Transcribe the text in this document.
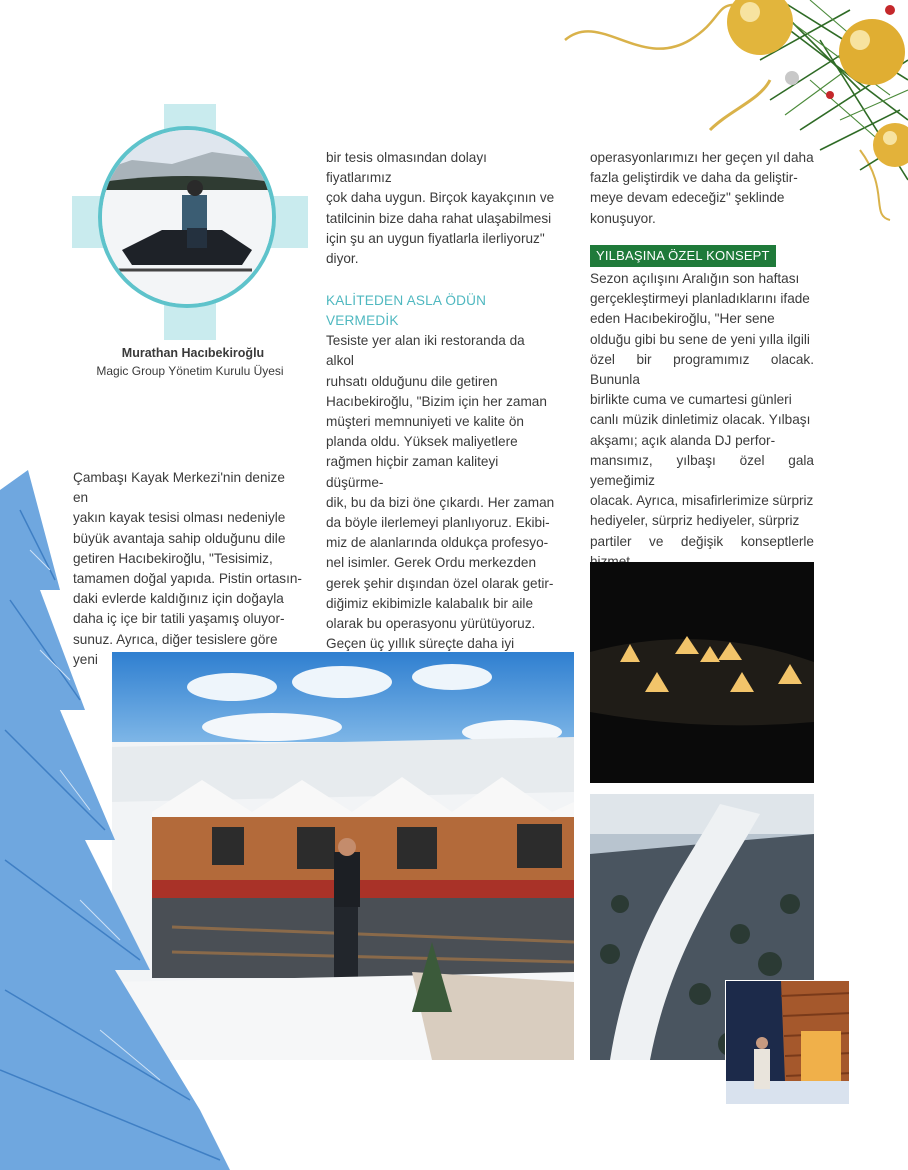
Murathan Hacıbekiroğlu
Magic Group Yönetim Kurulu Üyesi

Çambaşı Kayak Merkezi'nin denize en

yakın kayak tesisi olması nedeniyle

büyük avantaja sahip olduğunu dile

getiren Hacıbekiroğlu, "Tesisimiz,

tamamen doğal yapıda. Pistin ortasın-

daki evlerde kaldığınız için doğayla

daha iç içe bir tatili yaşamış oluyor-

sunuz. Ayrıca, diğer tesislere göre yeni

bir tesis olmasından dolayı fiyatlarımız

çok daha uygun. Birçok kayakçının ve

tatilcinin bize daha rahat ulaşabilmesi

için şu an uygun fiyatlarla ilerliyoruz"

diyor.

KALİTEDEN ASLA ÖDÜN VERMEDİK

Tesiste yer alan iki restoranda da alkol

ruhsatı olduğunu dile getiren

Hacıbekiroğlu, "Bizim için her zaman

müşteri memnuniyeti ve kalite ön

planda oldu. Yüksek maliyetlere

rağmen hiçbir zaman kaliteyi düşürme-

dik, bu da bizi öne çıkardı. Her zaman

da böyle ilerlemeyi planlıyoruz. Ekibi-

miz de alanlarında oldukça profesyo-

nel isimler. Gerek Ordu merkezden

gerek şehir dışından özel olarak getir-

diğimiz ekibimizle kalabalık bir aile

olarak bu operasyonu yürütüyoruz.

Geçen üç yıllık süreçte daha iyi

operasyonlarımızı her geçen yıl daha

fazla geliştirdik ve daha da geliştir-

meye devam edeceğiz" şeklinde

konuşuyor.

YILBAŞINA ÖZEL KONSEPT

Sezon açılışını Aralığın son haftası

gerçekleştirmeyi planladıklarını ifade

eden Hacıbekiroğlu, "Her sene

olduğu gibi bu sene de yeni yılla ilgili

özel bir programımız olacak. Bununla

birlikte cuma ve cumartesi günleri

canlı müzik dinletimiz olacak. Yılbaşı

akşamı; açık alanda DJ perfor-

mansımız, yılbaşı özel gala yemeğimiz

olacak. Ayrıca, misafirlerimize sürpriz

hediyeler, sürpriz hediyeler, sürpriz

partiler ve değişik konseptlerle
